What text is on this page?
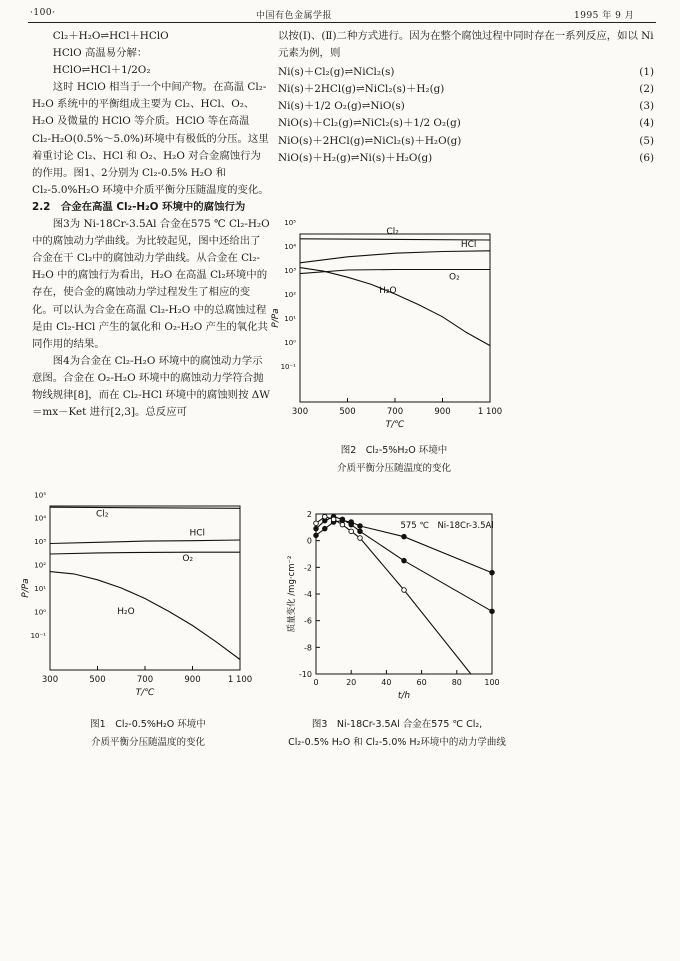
·100·	中国有色金属学报	1995 年 9 月

Cl₂＋H₂O⇌HCl＋HClO

HClO 高温易分解：

HClO⇌HCl＋1/2O₂

这时 HClO 相当于一个中间产物。在高温 Cl₂-H₂O 系统中的平衡组成主要为 Cl₂、HCl、O₂、H₂O 及微量的 HClO 等介质。HClO 等在高温 Cl₂-H₂O(0.5%～5.0%)环境中有极低的分压。这里着重讨论 Cl₂、HCl 和 O₂、H₂O 对合金腐蚀行为的作用。图1、2分别为 Cl₂-0.5% H₂O 和 Cl₂-5.0%H₂O 环境中介质平衡分压随温度的变化。

2.2　合金在高温 Cl₂-H₂O 环境中的腐蚀行为

图3为 Ni-18Cr-3.5Al 合金在575 ℃ Cl₂-H₂O 中的腐蚀动力学曲线。为比较起见，图中还给出了合金在干 Cl₂中的腐蚀动力学曲线。从合金在 Cl₂-H₂O 中的腐蚀行为看出，H₂O 在高温 Cl₂环境中的存在，使合金的腐蚀动力学过程发生了相应的变化。可以认为合金在高温 Cl₂-H₂O 中的总腐蚀过程是由 Cl₂-HCl 产生的氯化和 O₂-H₂O 产生的氧化共同作用的结果。

图4为合金在 Cl₂-H₂O 环境中的腐蚀动力学示意图。合金在 O₂-H₂O 环境中的腐蚀动力学符合抛物线规律[8]，而在 Cl₂-HCl 环境中的腐蚀则按 ΔW＝mx－Ket 进行[2,3]。总反应可

以按(Ⅰ)、(Ⅱ)二种方式进行。因为在整个腐蚀过程中同时存在一系列反应，如以 Ni 元素为例，则

Ni(s)＋Cl₂(g)⇌NiCl₂(s)	(1)
Ni(s)＋2HCl(g)⇌NiCl₂(s)＋H₂(g)	(2)
Ni(s)＋1/2 O₂(g)⇌NiO(s)	(3)
NiO(s)＋Cl₂(g)⇌NiCl₂(s)＋1/2 O₂(g)	(4)
NiO(s)＋2HCl(g)⇌NiCl₂(s)＋H₂O(g)	(5)
NiO(s)＋H₂(g)⇌Ni(s)＋H₂O(g)	(6)
300	500	700	900	1 100
10⁵
10⁴
10³
10²
10¹
10⁰
10⁻¹
T/℃
P/Pa
Cl₂
HCl
O₂
H₂O
图2　Cl₂-5%H₂O 环境中
介质平衡分压随温度的变化
300	500	700	900	1 100
10⁵
10⁴
10³
10²
10¹
10⁰
10⁻¹
T/℃
P/Pa
Cl₂
HCl
O₂
H₂O
图1　Cl₂-0.5%H₂O 环境中
介质平衡分压随温度的变化
575 ℃　Ni-18Cr-3.5Al
0	20	40	60	80	100
2
0
-2
-4
-6
-8
-10
t/h
质量变化 /mg·cm⁻²
图3　Ni-18Cr-3.5Al 合金在575 ℃ Cl₂,
Cl₂-0.5% H₂O 和 Cl₂-5.0% H₂环境中的动力学曲线
